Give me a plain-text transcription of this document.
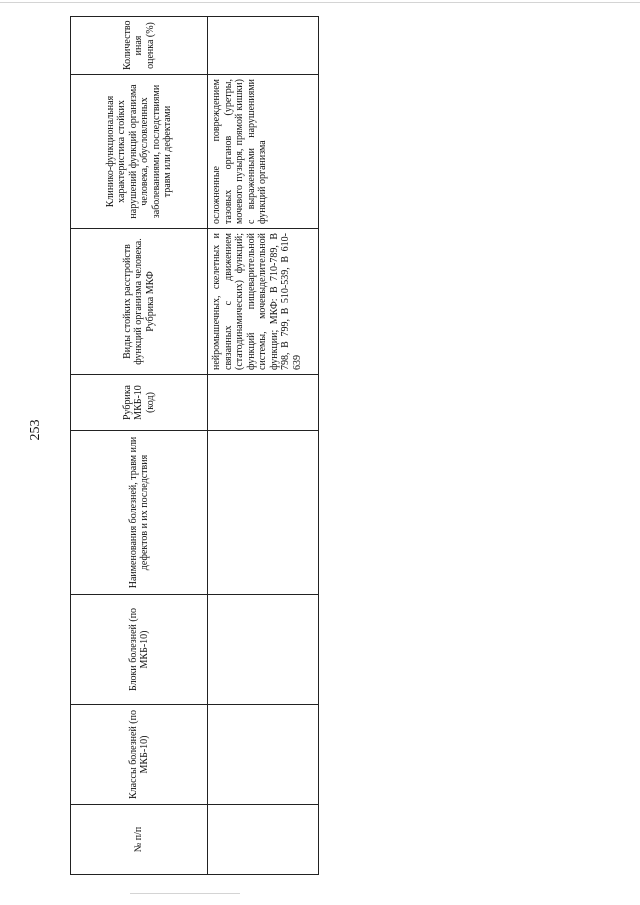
253
№ п/п	Классы болезней (по МКБ-10)	Блоки болезней (по МКБ-10)	Наименования болезней, травм или дефектов и их последствия	Рубрика МКБ-10 (код)	Виды стойких расстройств функций организма человека. Рубрика МКФ	Клинико-функциональная характеристика стойких нарушений функций организма человека, обусловленных заболеваниями, последствиями травм или дефектами	Количество иная оценка (%)
					нейромышечных, скелетных и связанных с движением (статодинамических) функций; функций пищеварительной системы, мочевыделительной функции; МКФ: В 710-789, В 798, В 799, В 510-539, В 610-639	осложненные повреждением тазовых органов (уретры, мочевого пузыря, прямой кишки) с выраженными нарушениями функций организма	
